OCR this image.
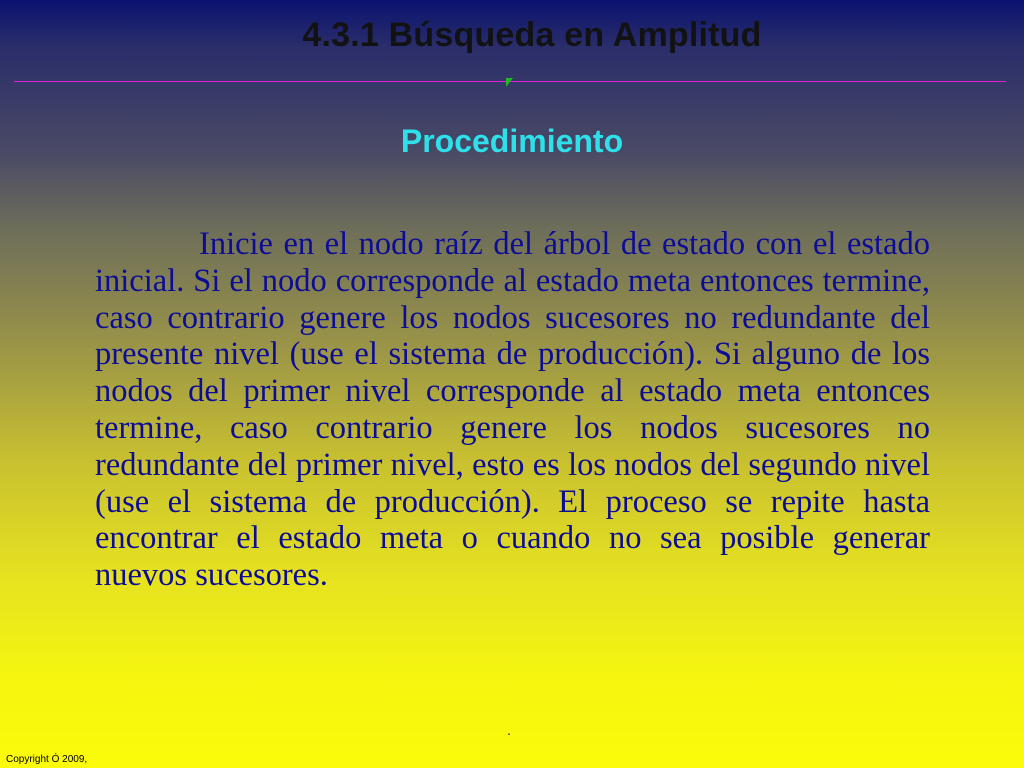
4.3.1 Búsqueda en Amplitud
Procedimiento

Inicie en el nodo raíz del árbol de estado con el estado inicial. Si el nodo corresponde al estado meta entonces termine, caso contrario genere los nodos sucesores no redundante del presente nivel (use el sistema de producción). Si alguno de los nodos del primer nivel corresponde al estado meta entonces termine, caso contrario genere los nodos sucesores no redundante del primer nivel, esto es los nodos del segundo nivel (use el sistema de producción). El proceso se repite hasta encontrar el estado meta o cuando no sea posible generar nuevos sucesores.

.
Copyright Ó 2009,
